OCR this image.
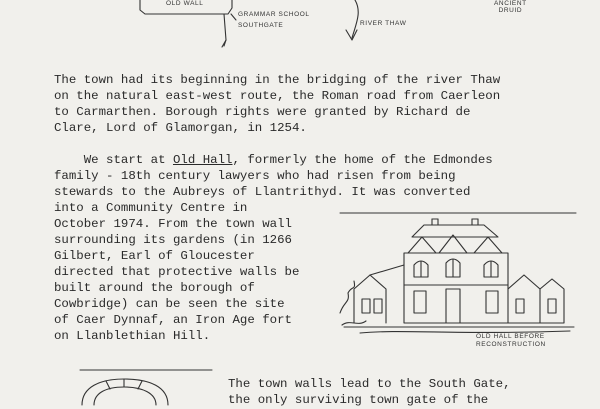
OLD WALL
GRAMMAR SCHOOL
SOUTHGATE	RIVER THAW
ANCIENT
DRUID

The town had its beginning in the bridging of the river Thaw

on the natural east-west route, the Roman road from Caerleon

to Carmarthen. Borough rights were granted by Richard de

Clare, Lord of Glamorgan, in 1254.

We start at Old Hall, formerly the home of the Edmondes

family - 18th century lawyers who had risen from being

stewards to the Aubreys of Llantrithyd. It was converted

into a Community Centre in

October 1974. From the town wall

surrounding its gardens (in 1266

Gilbert, Earl of Gloucester

directed that protective walls be

built around the borough of

Cowbridge) can be seen the site

of Caer Dynnaf, an Iron Age fort

on Llanblethian Hill.	OLD HALL BEFORE
RECONSTRUCTION

The town walls lead to the South Gate,

the only surviving town gate of the
